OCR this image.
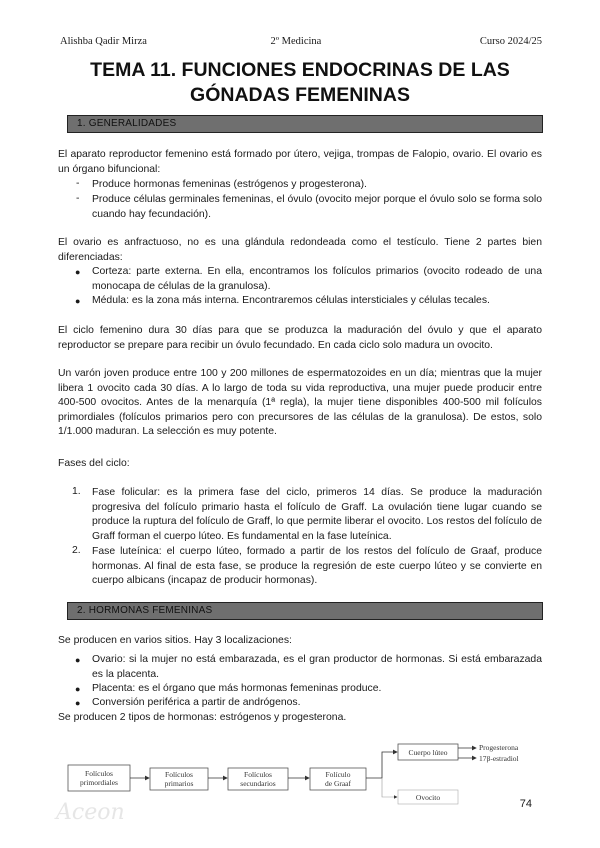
Alishba Qadir Mirza	2º Medicina	Curso 2024/25
TEMA 11. FUNCIONES ENDOCRINAS DE LAS
GÓNADAS FEMENINAS
1. GENERALIDADES
El aparato reproductor femenino está formado por útero, vejiga, trompas de Falopio, ovario. El ovario es un órgano bifuncional:
- Produce hormonas femeninas (estrógenos y progesterona).
- Produce células germinales femeninas, el óvulo (ovocito mejor porque el óvulo solo se forma solo cuando hay fecundación).
El ovario es anfractuoso, no es una glándula redondeada como el testículo. Tiene 2 partes bien diferenciadas:
● Corteza: parte externa. En ella, encontramos los folículos primarios (ovocito rodeado de una monocapa de células de la granulosa).
● Médula: es la zona más interna. Encontraremos células intersticiales y células tecales.
El ciclo femenino dura 30 días para que se produzca la maduración del óvulo y que el aparato reproductor se prepare para recibir un óvulo fecundado. En cada ciclo solo madura un ovocito.
Un varón joven produce entre 100 y 200 millones de espermatozoides en un día; mientras que la mujer libera 1 ovocito cada 30 días. A lo largo de toda su vida reproductiva, una mujer puede producir entre 400-500 ovocitos. Antes de la menarquía (1ª regla), la mujer tiene disponibles 400-500 mil folículos primordiales (folículos primarios pero con precursores de las células de la granulosa). De estos, solo 1/1.000 maduran. La selección es muy potente.
Fases del ciclo:
1. Fase folicular: es la primera fase del ciclo, primeros 14 días. Se produce la maduración progresiva del folículo primario hasta el folículo de Graff. La ovulación tiene lugar cuando se produce la ruptura del folículo de Graff, lo que permite liberar el ovocito. Los restos del folículo de Graff forman el cuerpo lúteo. Es fundamental en la fase luteínica.
2. Fase luteínica: el cuerpo lúteo, formado a partir de los restos del folículo de Graaf, produce hormonas. Al final de esta fase, se produce la regresión de este cuerpo lúteo y se convierte en cuerpo albicans (incapaz de producir hormonas).
2. HORMONAS FEMENINAS
Se producen en varios sitios. Hay 3 localizaciones:
● Ovario: si la mujer no está embarazada, es el gran productor de hormonas. Si está embarazada es la placenta.
● Placenta: es el órgano que más hormonas femeninas produce.
● Conversión periférica a partir de andrógenos.
Se producen 2 tipos de hormonas: estrógenos y progesterona.
Folículos
primordiales
Folículos
primarios
Folículos
secundarios
Folículo
de Graaf
Cuerpo lúteo
Ovocito
Progesterona
17β-estradiol
Aceon	74
